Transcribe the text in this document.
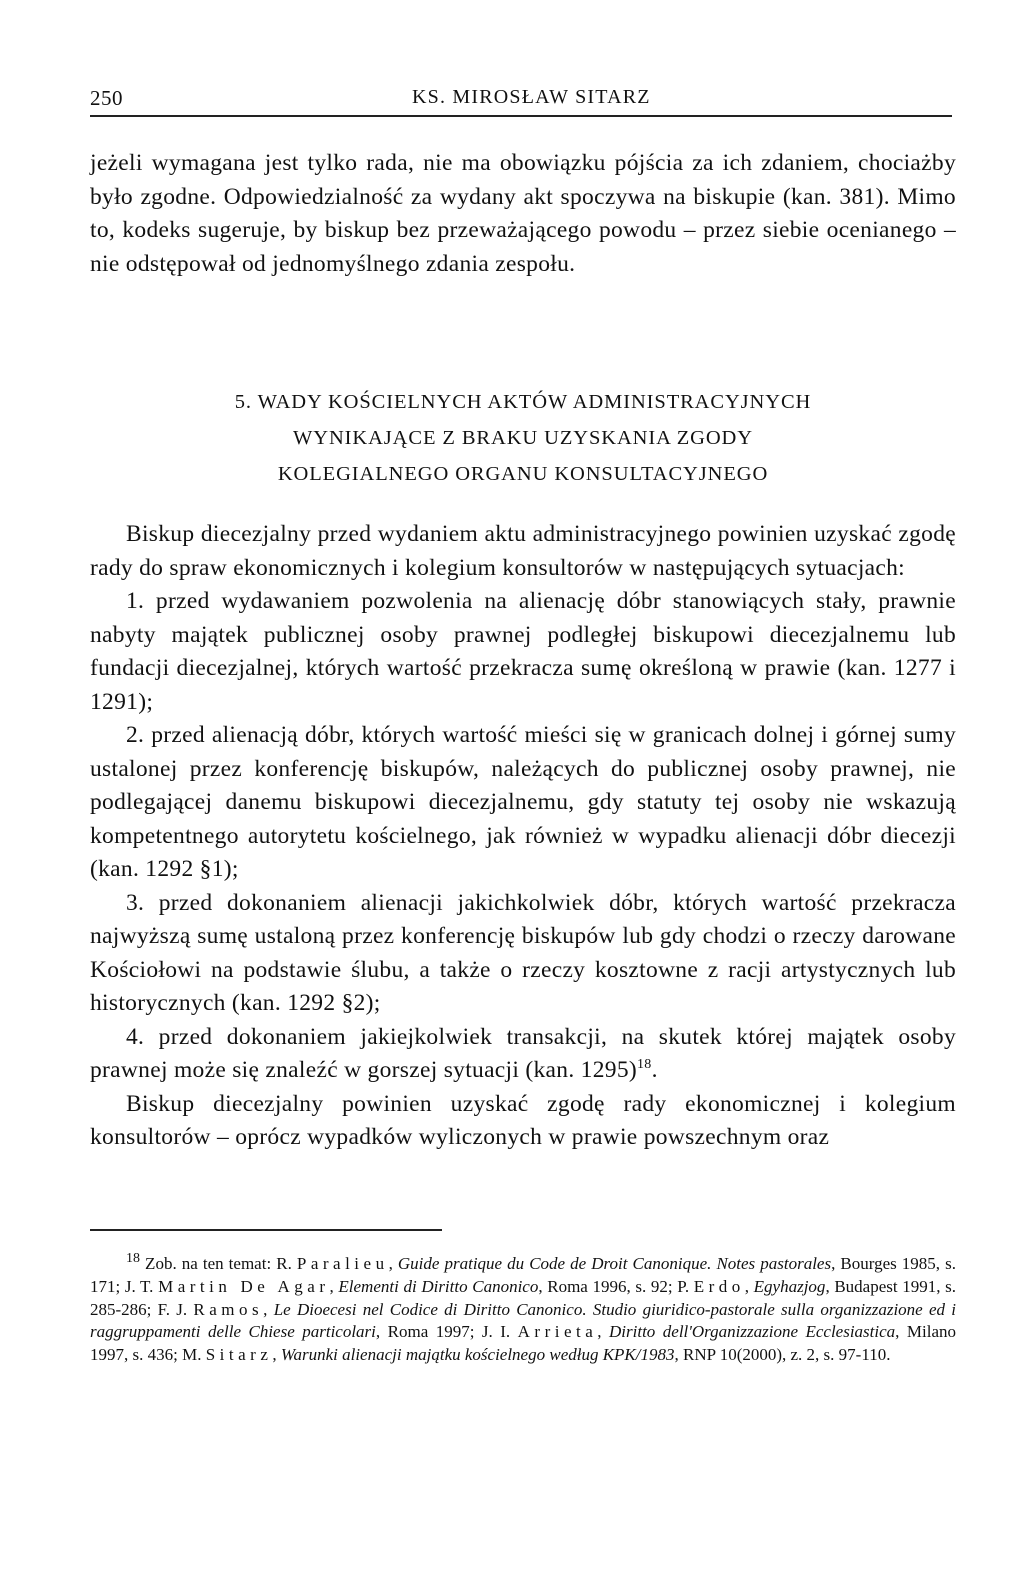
250	KS. MIROSŁAW SITARZ

jeżeli wymagana jest tylko rada, nie ma obowiązku pójścia za ich zdaniem, chociażby było zgodne. Odpowiedzialność za wydany akt spoczywa na biskupie (kan. 381). Mimo to, kodeks sugeruje, by biskup bez przeważającego powodu – przez siebie ocenianego – nie odstępował od jednomyślnego zdania zespołu.

5. WADY KOŚCIELNYCH AKTÓW ADMINISTRACYJNYCH
WYNIKAJĄCE Z BRAKU UZYSKANIA ZGODY
KOLEGIALNEGO ORGANU KONSULTACYJNEGO

Biskup diecezjalny przed wydaniem aktu administracyjnego powinien uzyskać zgodę rady do spraw ekonomicznych i kolegium konsultorów w następujących sytuacjach:

1. przed wydawaniem pozwolenia na alienację dóbr stanowiących stały, prawnie nabyty majątek publicznej osoby prawnej podległej biskupowi diecezjalnemu lub fundacji diecezjalnej, których wartość przekracza sumę określoną w prawie (kan. 1277 i 1291);

2. przed alienacją dóbr, których wartość mieści się w granicach dolnej i górnej sumy ustalonej przez konferencję biskupów, należących do publicznej osoby prawnej, nie podlegającej danemu biskupowi diecezjalnemu, gdy statuty tej osoby nie wskazują kompetentnego autorytetu kościelnego, jak również w wypadku alienacji dóbr diecezji (kan. 1292 §1);

3. przed dokonaniem alienacji jakichkolwiek dóbr, których wartość przekracza najwyższą sumę ustaloną przez konferencję biskupów lub gdy chodzi o rzeczy darowane Kościołowi na podstawie ślubu, a także o rzeczy kosztowne z racji artystycznych lub historycznych (kan. 1292 §2);

4. przed dokonaniem jakiejkolwiek transakcji, na skutek której majątek osoby prawnej może się znaleźć w gorszej sytuacji (kan. 1295)$^{18}$.

Biskup diecezjalny powinien uzyskać zgodę rady ekonomicznej i kolegium konsultorów – oprócz wypadków wyliczonych w prawie powszechnym oraz

$^{18}$ Zob. na ten temat: R. Paralieu, Guide pratique du Code de Droit Canonique. Notes pastorales, Bourges 1985, s. 171; J. T. Martin De Agar, Elementi di Diritto Canonico, Roma 1996, s. 92; P. Erdo, Egyhazjog, Budapest 1991, s. 285-286; F. J. Ramos, Le Dioecesi nel Codice di Diritto Canonico. Studio giuridico-pastorale sulla organizzazione ed i raggruppamenti delle Chiese particolari, Roma 1997; J. I. Arrieta, Diritto dell'Organizzazione Ecclesiastica, Milano 1997, s. 436; M. Sitarz, Warunki alienacji majątku kościelnego według KPK/1983, RNP 10(2000), z. 2, s. 97-110.
